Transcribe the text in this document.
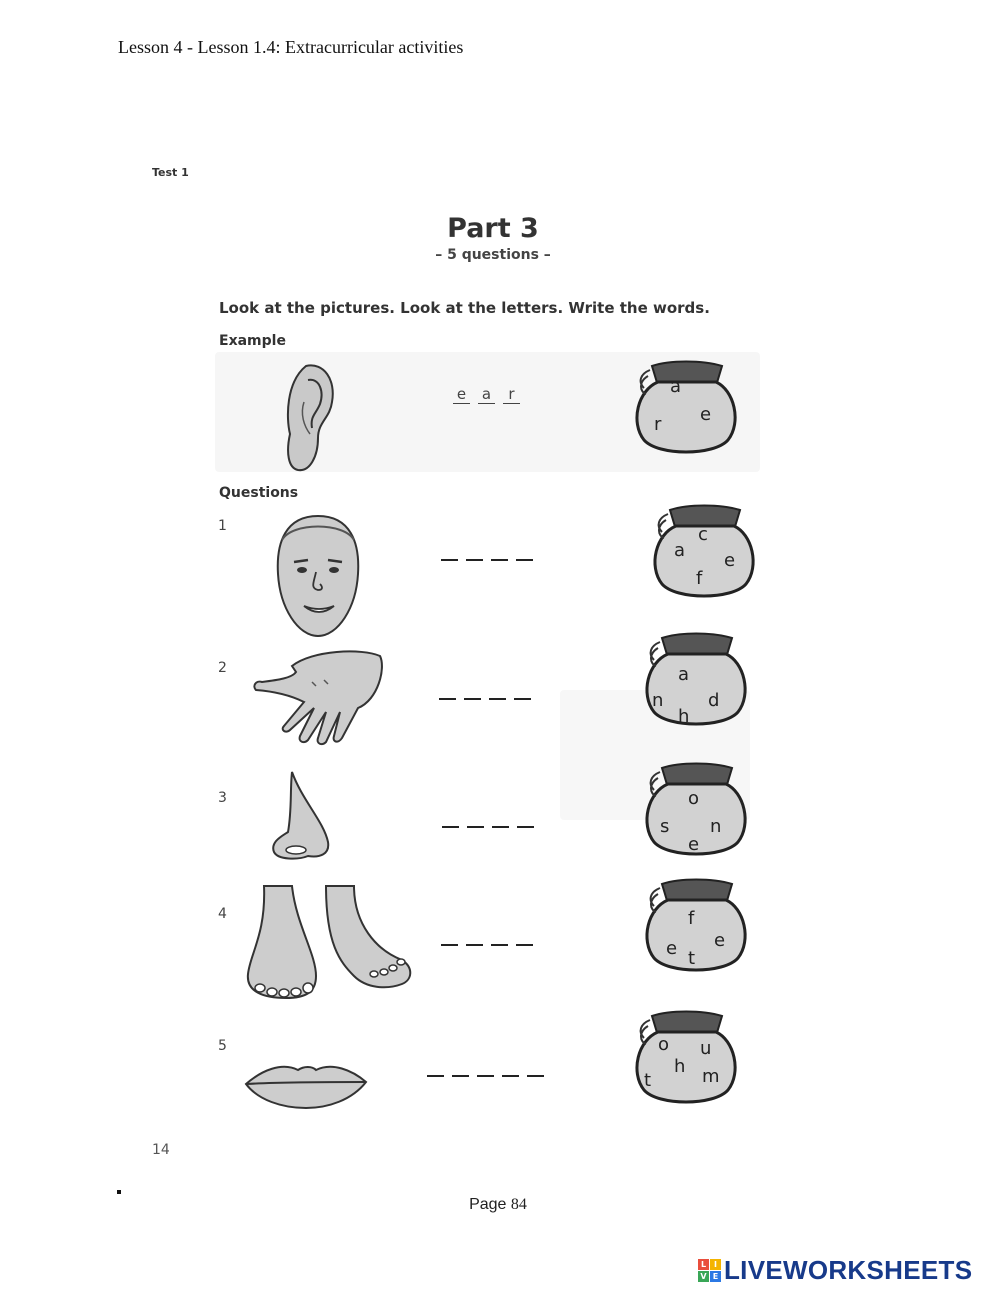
Lesson 4 - Lesson 1.4: Extracurricular activities
Test 1
Part 3
– 5 questions –
Look at the pictures. Look at the letters. Write the words.
Example
e a	r	a
r e
Questions
1	c
a e
f
2	a
n d
h
3	o
s n
e
4	f
e e
t
5	o u
h
t	m
14
Page 84
L I
V E LIVEWORKSHEETS
